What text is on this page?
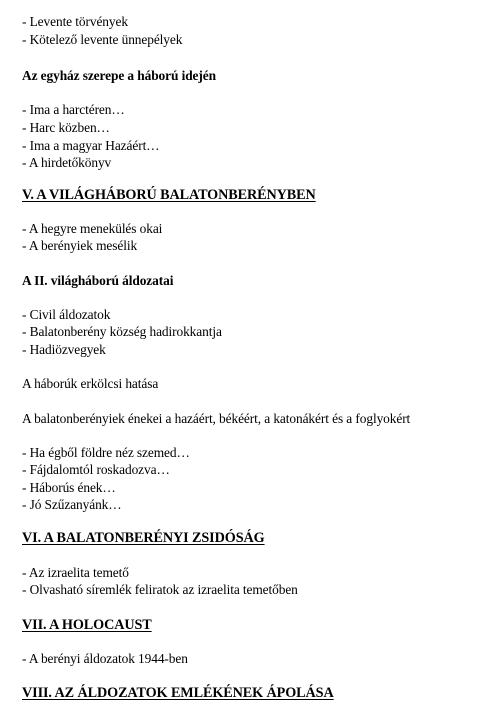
- Levente törvények
- Kötelező levente ünnepélyek
Az egyház szerepe a háború idején
- Ima a harctéren…
- Harc közben…
- Ima a magyar Hazáért…
- A hirdetőkönyv
V. A VILÁGHÁBORÚ BALATONBERÉNYBEN
- A hegyre menekülés okai
- A berényiek mesélik
A II. világháború áldozatai
- Civil áldozatok
- Balatonberény község hadirokkantja
- Hadiözvegyek
A háborúk erkölcsi hatása
A balatonberényiek énekei a hazáért, békéért, a katonákért és a foglyokért
- Ha égből földre néz szemed…
- Fájdalomtól roskadozva…
- Háborús ének…
- Jó Szűzanyánk…
VI. A BALATONBERÉNYI ZSIDÓSÁG
- Az izraelita temető
- Olvasható síremlék feliratok az izraelita temetőben
VII. A HOLOCAUST
- A berényi áldozatok 1944-ben
VIII. AZ ÁLDOZATOK EMLÉKÉNEK ÁPOLÁSA
